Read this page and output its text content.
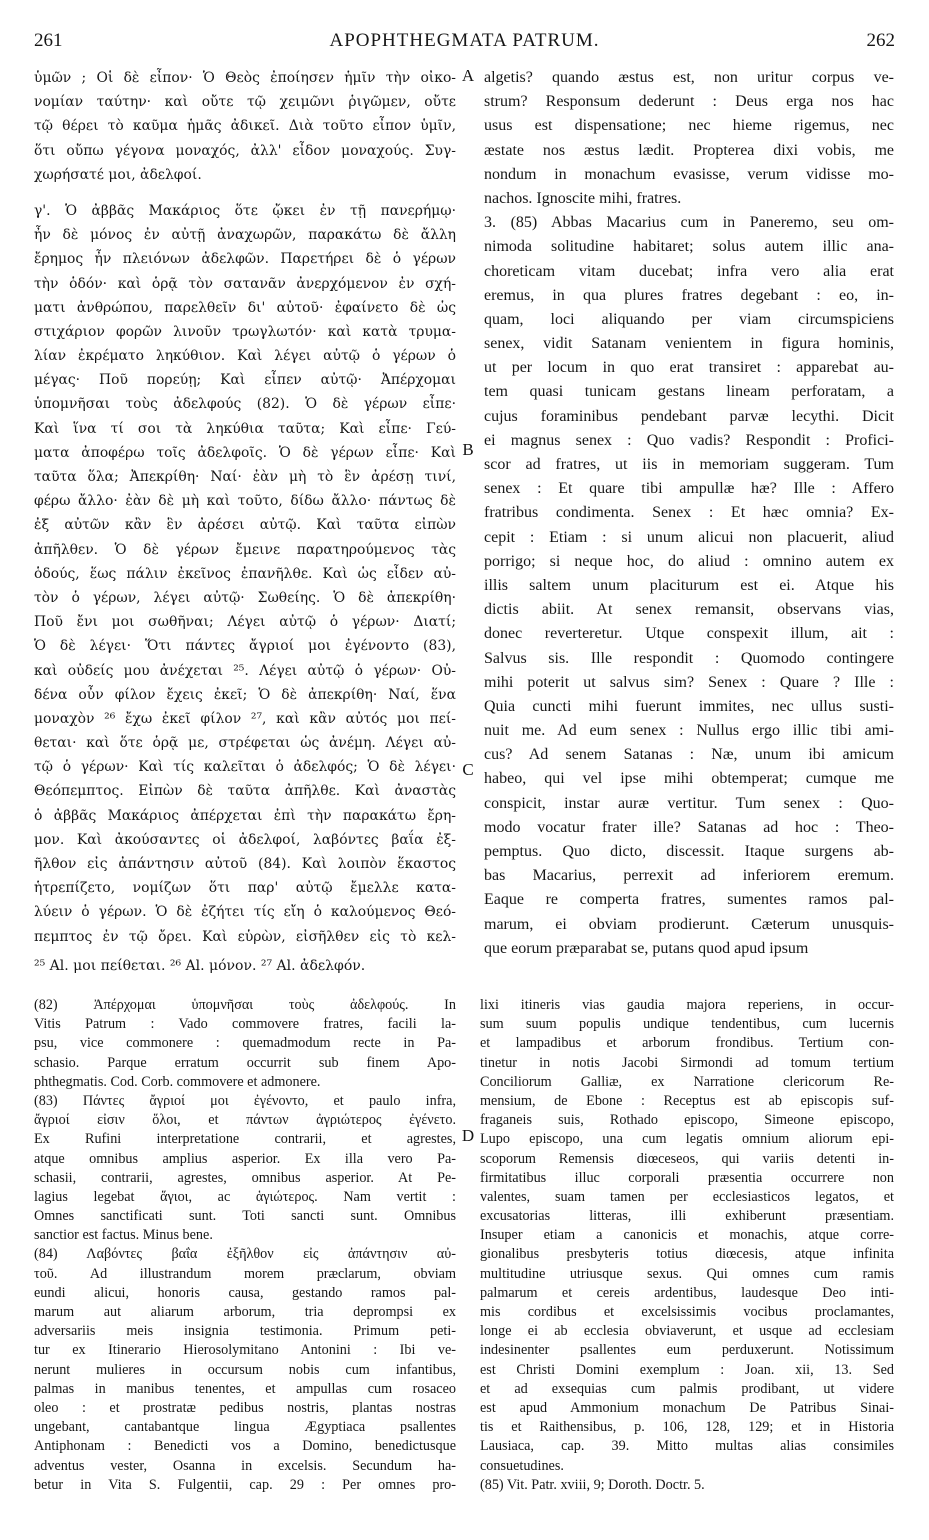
261	APOPHTHEGMATA PATRUM.	262
ὑμῶν ; Οἱ δὲ εἶπον· Ὁ Θεὸς ἐποίησεν ἡμῖν τὴν οἰκο-
νομίαν ταύτην· καὶ οὔτε τῷ χειμῶνι ῥιγῶμεν, οὔτε
τῷ θέρει τὸ καῦμα ἡμᾶς ἀδικεῖ. Διὰ τοῦτο εἶπον ὑμῖν,
ὅτι οὔπω γέγονα μοναχός, ἀλλ' εἶδον μοναχούς. Συγ-
χωρήσατέ μοι, ἀδελφοί.
γ'. Ὁ ἀββᾶς Μακάριος ὅτε ᾤκει ἐν τῇ πανερήμῳ·
ἦν δὲ μόνος ἐν αὐτῇ ἀναχωρῶν, παρακάτω δὲ ἄλλη
ἔρημος ἦν πλειόνων ἀδελφῶν. Παρετήρει δὲ ὁ γέρων
τὴν ὁδόν· καὶ ὁρᾷ τὸν σατανᾶν ἀνερχόμενον ἐν σχή-
ματι ἀνθρώπου, παρελθεῖν δι' αὐτοῦ· ἐφαίνετο δὲ ὡς
στιχάριον φορῶν λινοῦν τρωγλωτόν· καὶ κατὰ τρυμα-
λίαν ἐκρέματο ληκύθιον. Καὶ λέγει αὐτῷ ὁ γέρων ὁ
μέγας· Ποῦ πορεύῃ; Καὶ εἶπεν αὐτῷ· Ἀπέρχομαι
ὑπομνῆσαι τοὺς ἀδελφούς (82). Ὁ δὲ γέρων εἶπε·
Καὶ ἵνα τί σοι τὰ ληκύθια ταῦτα; Καὶ εἶπε· Γεύ-
ματα ἀποφέρω τοῖς ἀδελφοῖς. Ὁ δὲ γέρων εἶπε· Καὶ
ταῦτα ὅλα; Ἀπεκρίθη· Ναί· ἐὰν μὴ τὸ ἓν ἀρέσῃ τινί,
φέρω ἄλλο· ἐὰν δὲ μὴ καὶ τοῦτο, δίδω ἄλλο· πάντως δὲ
ἐξ αὐτῶν κἂν ἓν ἀρέσει αὐτῷ. Καὶ ταῦτα εἰπὼν
ἀπῆλθεν. Ὁ δὲ γέρων ἔμεινε παρατηρούμενος τὰς
ὁδούς, ἕως πάλιν ἐκεῖνος ἐπανῆλθε. Καὶ ὡς εἶδεν αὐ-
τὸν ὁ γέρων, λέγει αὐτῷ· Σωθείης. Ὁ δὲ ἀπεκρίθη·
Ποῦ ἔνι μοι σωθῆναι; Λέγει αὐτῷ ὁ γέρων· Διατί;
Ὁ δὲ λέγει· Ὅτι πάντες ἄγριοί μοι ἐγένοντο (83),
καὶ οὐδείς μου ἀνέχεται ²⁵. Λέγει αὐτῷ ὁ γέρων· Οὐ-
δένα οὖν φίλον ἔχεις ἐκεῖ; Ὁ δὲ ἀπεκρίθη· Ναί, ἕνα
μοναχὸν ²⁶ ἔχω ἐκεῖ φίλον ²⁷, καὶ κἂν αὐτός μοι πεί-
θεται· καὶ ὅτε ὁρᾷ με, στρέφεται ὡς ἀνέμη. Λέγει αὐ-
τῷ ὁ γέρων· Καὶ τίς καλεῖται ὁ ἀδελφός; Ὁ δὲ λέγει·
Θεόπεμπτος. Εἰπὼν δὲ ταῦτα ἀπῆλθε. Καὶ ἀναστὰς
ὁ ἀββᾶς Μακάριος ἀπέρχεται ἐπὶ τὴν παρακάτω ἔρη-
μον. Καὶ ἀκούσαντες οἱ ἀδελφοί, λαβόντες βαΐα ἐξ-
ῆλθον εἰς ἀπάντησιν αὐτοῦ (84). Καὶ λοιπὸν ἕκαστος
ἡτρεπίζετο, νομίζων ὅτι παρ' αὐτῷ ἔμελλε κατα-
λύειν ὁ γέρων. Ὁ δὲ ἐζήτει τίς εἴη ὁ καλούμενος Θεό-
πεμπτος ἐν τῷ ὄρει. Καὶ εὑρὼν, εἰσῆλθεν εἰς τὸ κελ-
algetis? quando æstus est, non uritur corpus ve-
strum? Responsum dederunt : Deus erga nos hac
usus est dispensatione; nec hieme rigemus, nec
æstate nos æstus lædit. Propterea dixi vobis, me
nondum in monachum evasisse, verum vidisse mo-
nachos. Ignoscite mihi, fratres.
3. (85) Abbas Macarius cum in Paneremo, seu om-
nimoda solitudine habitaret; solus autem illic ana-
choreticam vitam ducebat; infra vero alia erat
eremus, in qua plures fratres degebant : eo, in-
quam, loci aliquando per viam circumspiciens
senex, vidit Satanam venientem in figura hominis,
ut per locum in quo erat transiret : apparebat au-
tem quasi tunicam gestans lineam perforatam, a
cujus foraminibus pendebant parvæ lecythi. Dicit
ei magnus senex : Quo vadis? Respondit : Profici-
scor ad fratres, ut iis in memoriam suggeram. Tum
senex : Et quare tibi ampullæ hæ? Ille : Affero
fratribus condimenta. Senex : Et hæc omnia? Ex-
cepit : Etiam : si unum alicui non placuerit, aliud
porrigo; si neque hoc, do aliud : omnino autem ex
illis saltem unum placiturum est ei. Atque his
dictis abiit. At senex remansit, observans vias,
donec reverteretur. Utque conspexit illum, ait :
Salvus sis. Ille respondit : Quomodo contingere
mihi poterit ut salvus sim? Senex : Quare ? Ille :
Quia cuncti mihi fuerunt immites, nec ullus susti-
nuit me. Ad eum senex : Nullus ergo illic tibi ami-
cus? Ad senem Satanas : Næ, unum ibi amicum
habeo, qui vel ipse mihi obtemperat; cumque me
conspicit, instar auræ vertitur. Tum senex : Quo-
modo vocatur frater ille? Satanas ad hoc : Theo-
pemptus. Quo dicto, discessit. Itaque surgens ab-
bas Macarius, perrexit ad inferiorem eremum.
Eaque re comperta fratres, sumentes ramos pal-
marum, ei obviam prodierunt. Cæterum unusquis-
que eorum præparabat se, putans quod apud ipsum
A
B
C
D
²⁵ Al. μοι πείθεται. ²⁶ Al. μόνον. ²⁷ Al. ἀδελφόν.
(82) Ἀπέρχομαι ὑπομνῆσαι τοὺς ἀδελφούς. In
Vitis Patrum : Vado commovere fratres, facili la-
psu, vice commonere : quemadmodum recte in Pa-
schasio. Parque erratum occurrit sub finem Apo-
phthegmatis. Cod. Corb. commovere et admonere.
(83) Πάντες ἄγριοί μοι ἐγένοντο, et paulo infra,
ἄγριοί εἰσιν ὅλοι, et πάντων ἀγριώτερος ἐγένετο.
Ex Rufini interpretatione contrarii, et agrestes,
atque omnibus amplius asperior. Ex illa vero Pa-
schasii, contrarii, agrestes, omnibus asperior. At Pe-
lagius legebat ἅγιοι, ac ἁγιώτερος. Nam vertit :
Omnes sanctificati sunt. Toti sancti sunt. Omnibus
sanctior est factus. Minus bene.
(84) Λαβόντες βαΐα ἐξῆλθον εἰς ἀπάντησιν αὐ-
τοῦ. Ad illustrandum morem præclarum, obviam
eundi alicui, honoris causa, gestando ramos pal-
marum aut aliarum arborum, tria deprompsi ex
adversariis meis insignia testimonia. Primum peti-
tur ex Itinerario Hierosolymitano Antonini : Ibi ve-
nerunt mulieres in occursum nobis cum infantibus,
palmas in manibus tenentes, et ampullas cum rosaceo
oleo : et prostratæ pedibus nostris, plantas nostras
ungebant, cantabantque lingua Ægyptiaca psallentes
Antiphonam : Benedicti vos a Domino, benedictusque
adventus vester, Osanna in excelsis. Secundum ha-
betur in Vita S. Fulgentii, cap. 29 : Per omnes pro-
lixi itineris vias gaudia majora reperiens, in occur-
sum suum populis undique tendentibus, cum lucernis
et lampadibus et arborum frondibus. Tertium con-
tinetur in notis Jacobi Sirmondi ad tomum tertium
Conciliorum Galliæ, ex Narratione clericorum Re-
mensium, de Ebone : Receptus est ab episcopis suf-
fraganeis suis, Rothado episcopo, Simeone episcopo,
Lupo episcopo, una cum legatis omnium aliorum epi-
scoporum Remensis diœceseos, qui variis detenti in-
firmitatibus illuc corporali præsentia occurrere non
valentes, suam tamen per ecclesiasticos legatos, et
excusatorias litteras, illi exhiberunt præsentiam.
Insuper etiam a canonicis et monachis, atque corre-
gionalibus presbyteris totius diœcesis, atque infinita
multitudine utriusque sexus. Qui omnes cum ramis
palmarum et cereis ardentibus, laudesque Deo inti-
mis cordibus et excelsissimis vocibus proclamantes,
longe ei ab ecclesia obviaverunt, et usque ad ecclesiam
indesinenter psallentes eum perduxerunt. Notissimum
est Christi Domini exemplum : Joan. xii, 13. Sed
et ad exsequias cum palmis prodibant, ut videre
est apud Ammonium monachum De Patribus Sinai-
tis et Raithensibus, p. 106, 128, 129; et in Historia
Lausiaca, cap. 39. Mitto multas alias consimiles
consuetudines.
(85) Vit. Patr. xviii, 9; Doroth. Doctr. 5.
